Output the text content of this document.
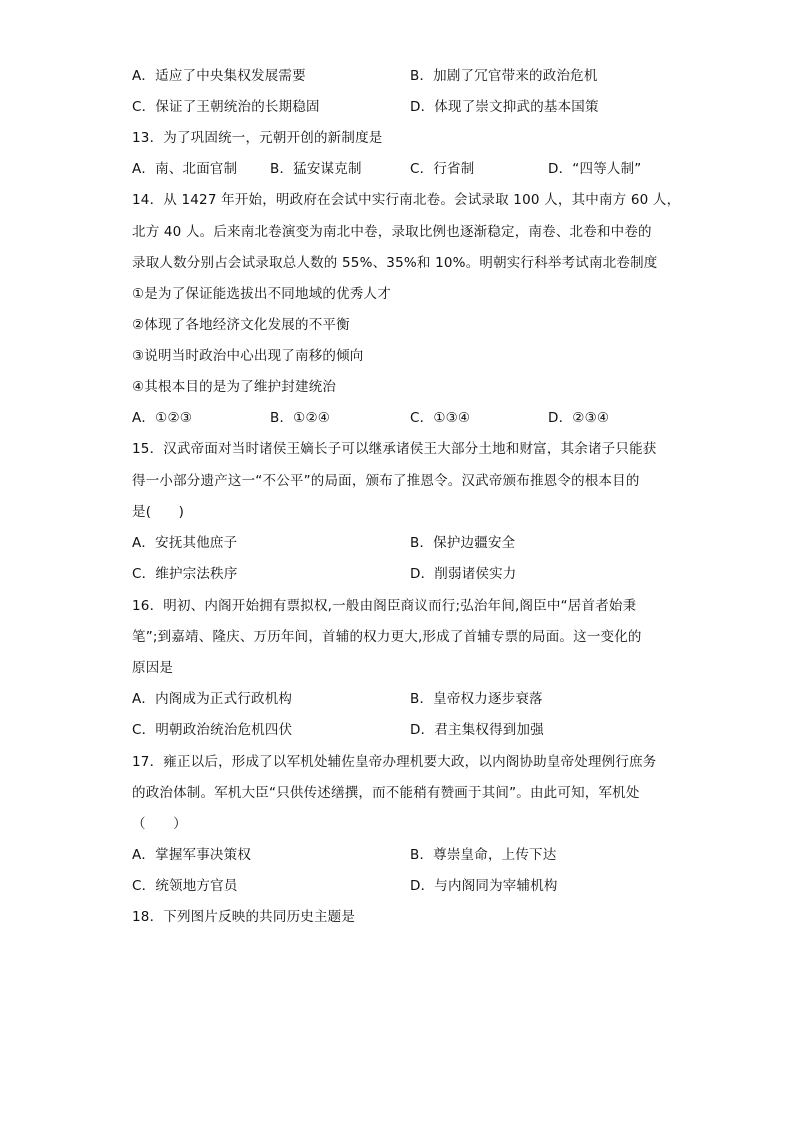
A．适应了中央集权发展需要	B．加剧了冗官带来的政治危机
C．保证了王朝统治的长期稳固	D．体现了崇文抑武的基本国策
13．为了巩固统一，元朝开创的新制度是
A．南、北面官制 B．猛安谋克制	C．行省制	D．“四等人制”
14．从 1427 年开始，明政府在会试中实行南北卷。会试录取 100 人，其中南方 60 人，
北方 40 人。后来南北卷演变为南北中卷，录取比例也逐渐稳定，南卷、北卷和中卷的
录取人数分别占会试录取总人数的 55%、35%和 10%。明朝实行科举考试南北卷制度
①是为了保证能选拔出不同地域的优秀人才
②体现了各地经济文化发展的不平衡
③说明当时政治中心出现了南移的倾向
④其根本目的是为了维护封建统治
A．①②③	B．①②④	C．①③④	D．②③④
15．汉武帝面对当时诸侯王嫡长子可以继承诸侯王大部分土地和财富，其余诸子只能获
得一小部分遗产这一“不公平”的局面，颁布了推恩令。汉武帝颁布推恩令的根本目的
是(　　)
A．安抚其他庶子	B．保护边疆安全
C．维护宗法秩序	D．削弱诸侯实力
16．明初、内阁开始拥有票拟权,一般由阁臣商议而行;弘治年间,阁臣中“居首者始秉
笔”;到嘉靖、隆庆、万历年间，首辅的权力更大,形成了首辅专票的局面。这一变化的
原因是
A．内阁成为正式行政机构	B．皇帝权力逐步衰落
C．明朝政治统治危机四伏	D．君主集权得到加强
17．雍正以后，形成了以军机处辅佐皇帝办理机要大政，以内阁协助皇帝处理例行庶务
的政治体制。军机大臣“只供传述缮撰，而不能稍有赞画于其间”。由此可知，军机处
（　　）
A．掌握军事决策权	B．尊崇皇命，上传下达
C．统领地方官员	D．与内阁同为宰辅机构
18．下列图片反映的共同历史主题是
